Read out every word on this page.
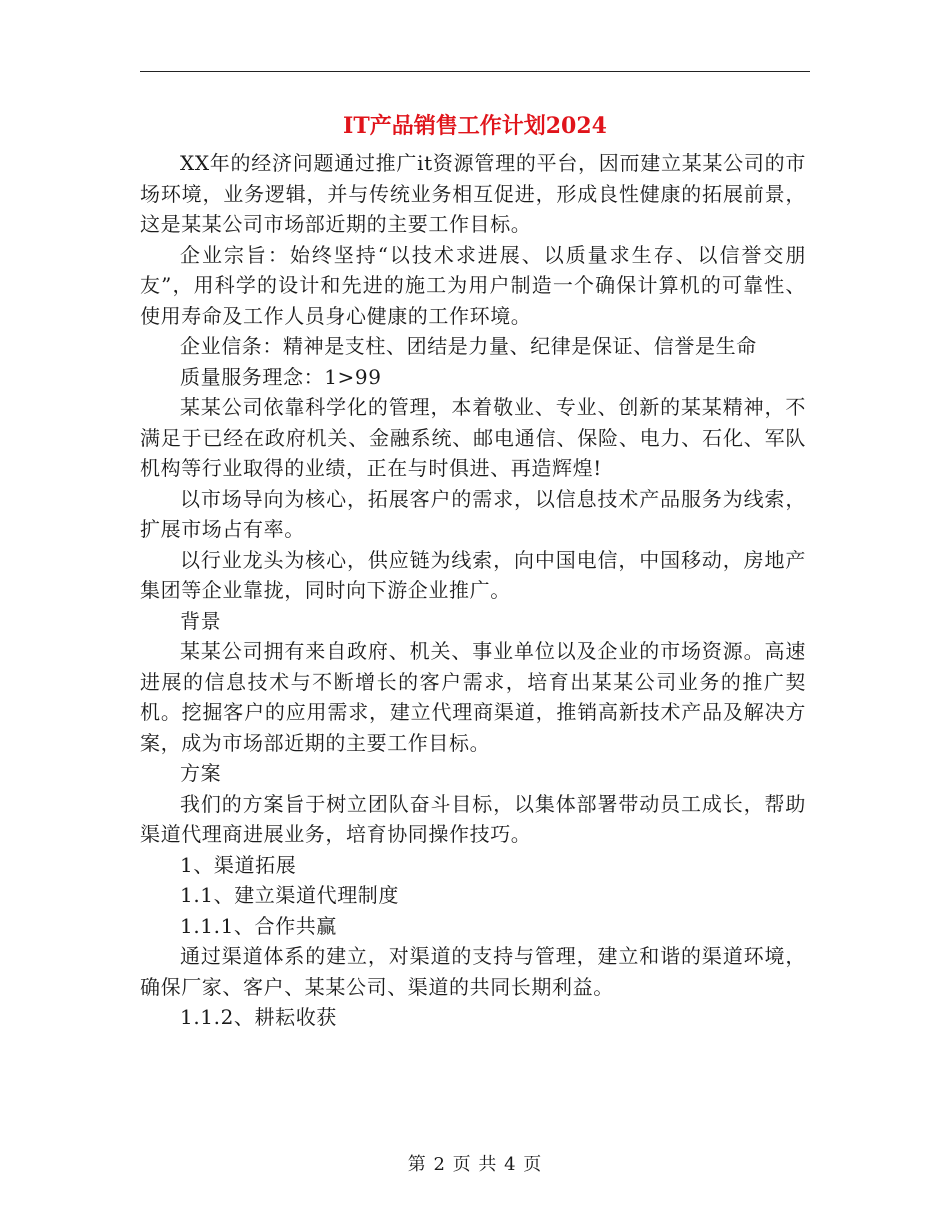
IT产品销售工作计划2024

XX年的经济问题通过推广it资源管理的平台，因而建立某某公司的市场环境，业务逻辑，并与传统业务相互促进，形成良性健康的拓展前景，这是某某公司市场部近期的主要工作目标。

企业宗旨：始终坚持“以技术求进展、以质量求生存、以信誉交朋友”，用科学的设计和先进的施工为用户制造一个确保计算机的可靠性、使用寿命及工作人员身心健康的工作环境。

企业信条：精神是支柱、团结是力量、纪律是保证、信誉是生命

质量服务理念：1>99

某某公司依靠科学化的管理，本着敬业、专业、创新的某某精神，不满足于已经在政府机关、金融系统、邮电通信、保险、电力、石化、军队机构等行业取得的业绩，正在与时俱进、再造辉煌!

以市场导向为核心，拓展客户的需求，以信息技术产品服务为线索，扩展市场占有率。

以行业龙头为核心，供应链为线索，向中国电信，中国移动，房地产集团等企业靠拢，同时向下游企业推广。

背景

某某公司拥有来自政府、机关、事业单位以及企业的市场资源。高速进展的信息技术与不断增长的客户需求，培育出某某公司业务的推广契机。挖掘客户的应用需求，建立代理商渠道，推销高新技术产品及解决方案，成为市场部近期的主要工作目标。

方案

我们的方案旨于树立团队奋斗目标，以集体部署带动员工成长，帮助渠道代理商进展业务，培育协同操作技巧。

1、渠道拓展

1.1、建立渠道代理制度

1.1.1、合作共赢

通过渠道体系的建立，对渠道的支持与管理，建立和谐的渠道环境，确保厂家、客户、某某公司、渠道的共同长期利益。

1.1.2、耕耘收获

第 2 页 共 4 页
